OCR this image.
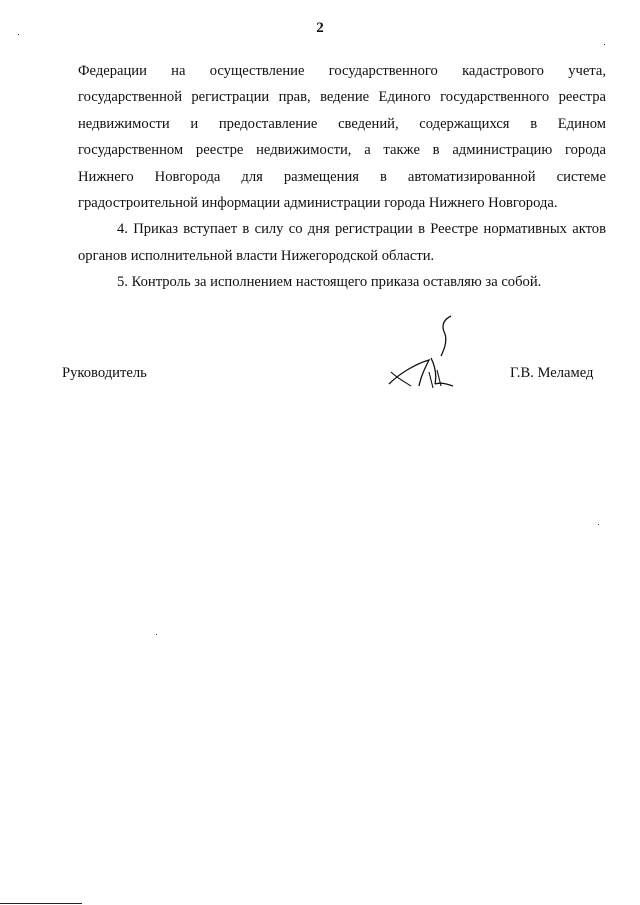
2

Федерации на осуществление государственного кадастрового учета,
государственной регистрации прав, ведение Единого государственного реестра
недвижимости и предоставление сведений, содержащихся в Едином
государственном реестре недвижимости, а также в администрацию города
Нижнего Новгорода для размещения в автоматизированной системе
градостроительной информации администрации города Нижнего Новгорода.

4. Приказ вступает в силу со дня регистрации в Реестре нормативных актов
органов исполнительной власти Нижегородской области.

5. Контроль за исполнением настоящего приказа оставляю за собой.

Руководитель	Г.В. Меламед
